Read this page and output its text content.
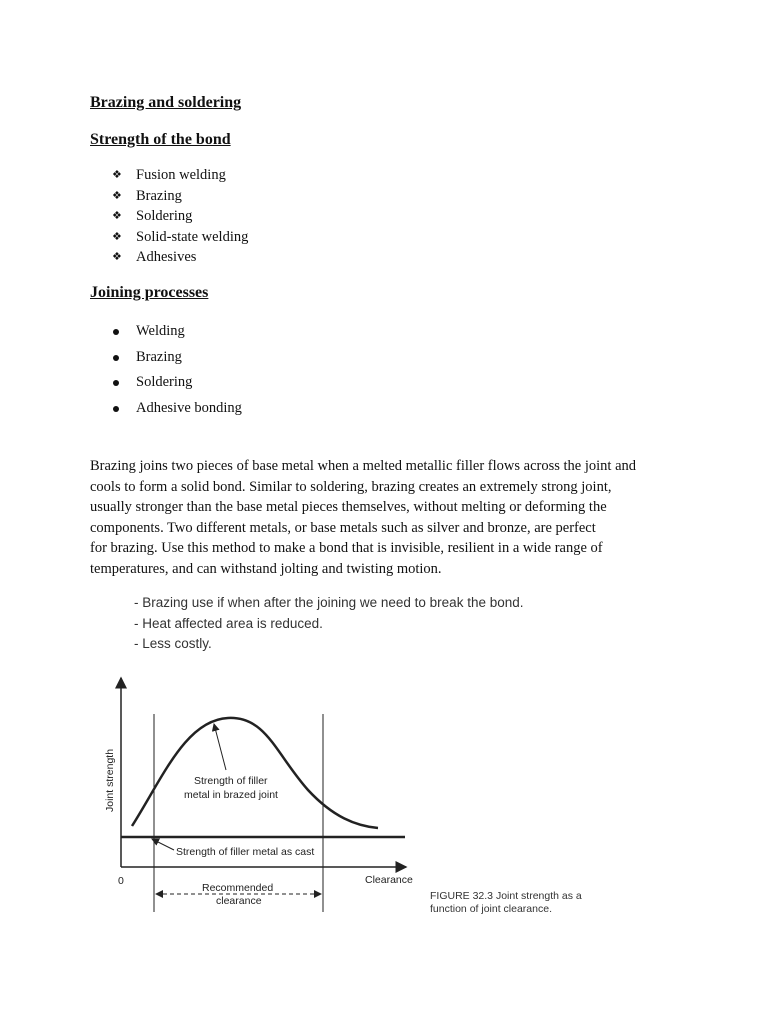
Brazing and soldering
Strength of the bond
❖ Fusion welding
❖ Brazing
❖ Soldering
❖ Solid-state welding
❖ Adhesives
Joining processes
Welding
Brazing
Soldering
Adhesive bonding

Brazing joins two pieces of base metal when a melted metallic filler flows across the joint and
cools to form a solid bond. Similar to soldering, brazing creates an extremely strong joint,
usually stronger than the base metal pieces themselves, without melting or deforming the
components. Two different metals, or base metals such as silver and bronze, are perfect
for brazing. Use this method to make a bond that is invisible, resilient in a wide range of
temperatures, and can withstand jolting and twisting motion.

- Brazing use if when after the joining we need to break the bond.
- Heat affected area is reduced.
- Less costly.
Joint strength
Clearance
0
Strength of filler
metal in brazed joint
Strength of filler metal as cast
Recommended
clearance	FIGURE 32.3 Joint strength as a
function of joint clearance.
